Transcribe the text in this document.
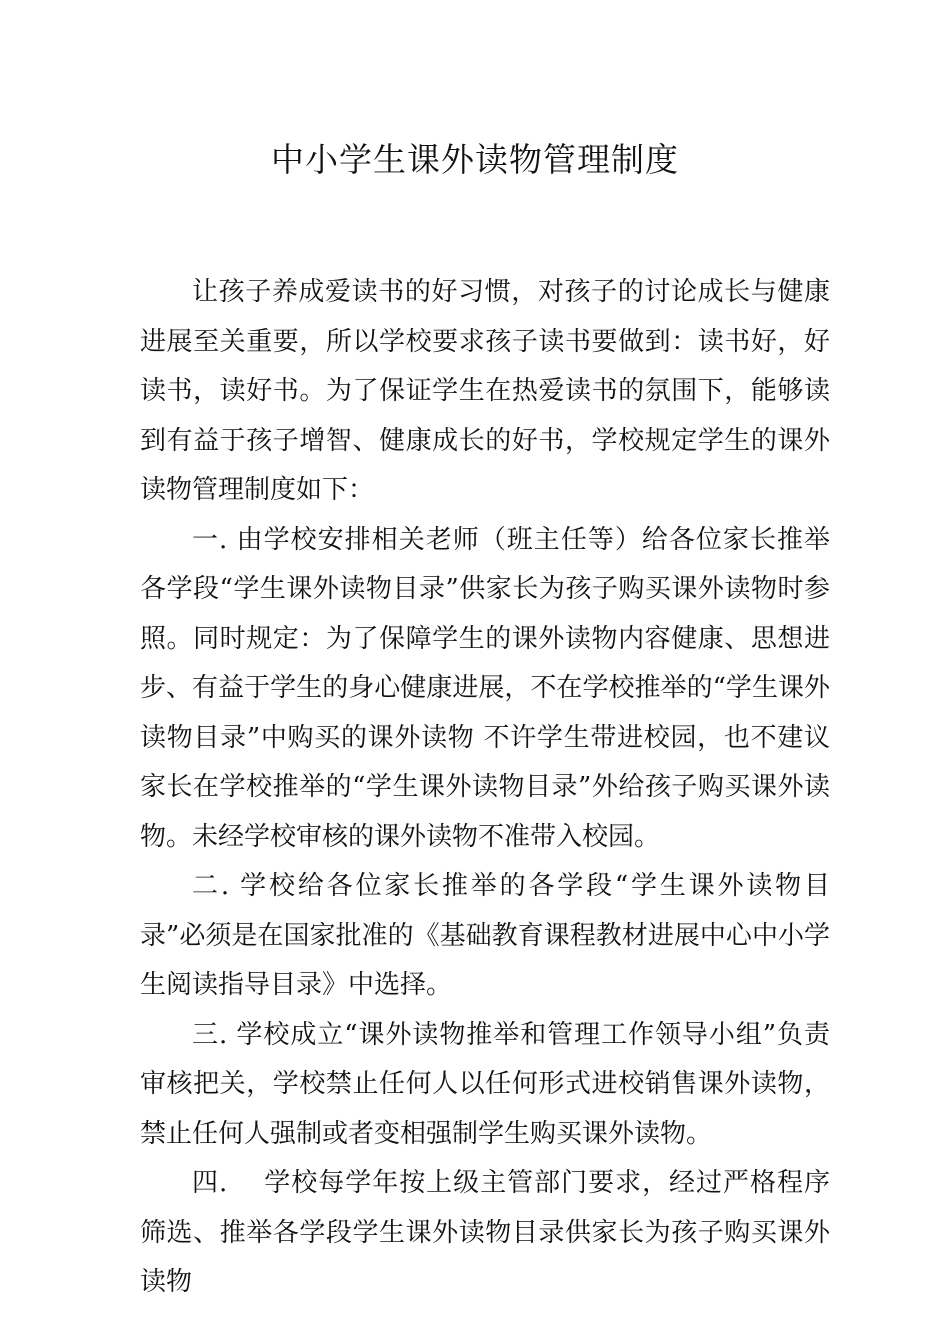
中小学生课外读物管理制度

让孩子养成爱读书的好习惯，对孩子的讨论成长与健康进展至关重要，所以学校要求孩子读书要做到：读书好，好读书，读好书。为了保证学生在热爱读书的氛围下，能够读到有益于孩子增智、健康成长的好书，学校规定学生的课外读物管理制度如下：

一. 由学校安排相关老师（班主任等）给各位家长推举各学段“学生课外读物目录”供家长为孩子购买课外读物时参照。同时规定：为了保障学生的课外读物内容健康、思想进步、有益于学生的身心健康进展，不在学校推举的“学生课外读物目录”中购买的课外读物 不许学生带进校园，也不建议家长在学校推举的“学生课外读物目录”外给孩子购买课外读物。未经学校审核的课外读物不准带入校园。

二. 学校给各位家长推举的各学段“学生课外读物目录”必须是在国家批准的《基础教育课程教材进展中心中小学生阅读指导目录》中选择。

三. 学校成立“课外读物推举和管理工作领导小组”负责审核把关，学校禁止任何人以任何形式进校销售课外读物，禁止任何人强制或者变相强制学生购买课外读物。

四.    学校每学年按上级主管部门要求，经过严格程序筛选、推举各学段学生课外读物目录供家长为孩子购买课外读物
